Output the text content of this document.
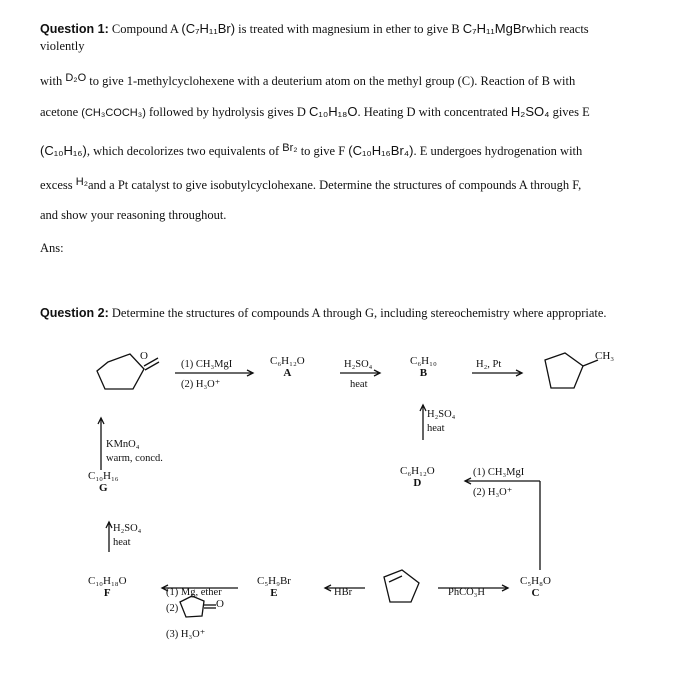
Question 1: Compound A (C₇H₁₁Br) is treated with magnesium in ether to give B C₇H₁₁MgBrwhich reacts
violently
with D₂O to give 1-methylcyclohexene with a deuterium atom on the methyl group (C). Reaction of B with
acetone (CH₃COCH₃) followed by hydrolysis gives D C₁₀H₁₈O. Heating D with concentrated H₂SO₄ gives E
(C₁₀H₁₆), which decolorizes two equivalents of Br₂ to give F (C₁₀H₁₆Br₄). E undergoes hydrogenation with
excess H₂and a Pt catalyst to give isobutylcyclohexane. Determine the structures of compounds A through F,
and show your reasoning throughout.
Ans:
Question 2: Determine the structures of compounds A through G, including stereochemistry where appropriate.
O
(1) CH₃MgI
(2) H₃O⁺
C₆H₁₂O
A
H₂SO₄
heat
C₆H₁₀
B
H₂, Pt
CH₃
KMnO₄
warm, concd.
H₂SO₄
heat
C₁₀H₁₆
G
C₆H₁₂O
D
(1) CH₃MgI
(2) H₃O⁺
H₂SO₄
heat
C₁₀H₁₈O
F	(1) Mg, ether
(2)	O
(3) H₃O⁺
C₅H₉Br
E	HBr	PhCO₃H
C₅H₈O
C
